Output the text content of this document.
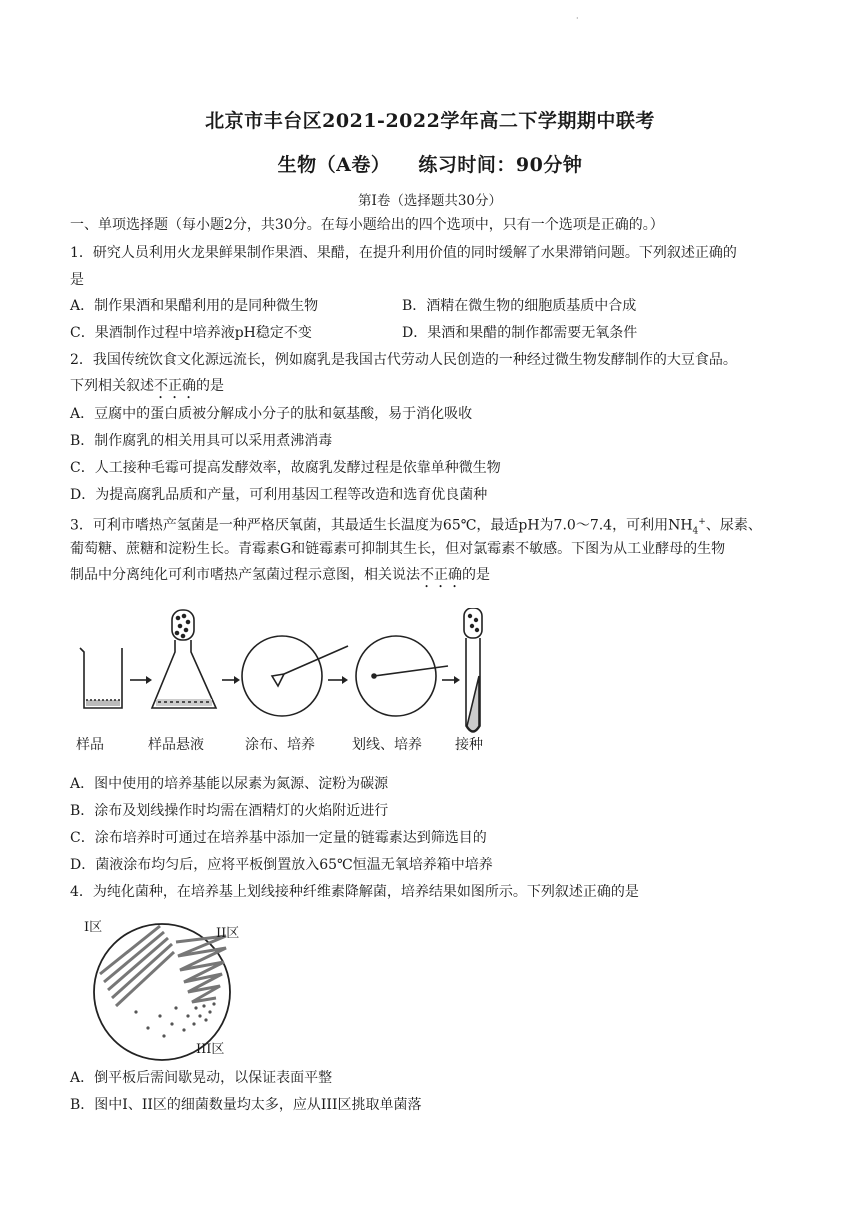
·
北京市丰台区2021-2022学年高二下学期期中联考
生物（A卷） 练习时间：90分钟
第I卷（选择题共30分）
一、单项选择题（每小题2分，共30分。在每小题给出的四个选项中，只有一个选项是正确的。）
1．研究人员利用火龙果鲜果制作果酒、果醋，在提升利用价值的同时缓解了水果滞销问题。下列叙述正确的
是
A．制作果酒和果醋利用的是同种微生物	B．酒精在微生物的细胞质基质中合成
C．果酒制作过程中培养液pH稳定不变	D．果酒和果醋的制作都需要无氧条件
2．我国传统饮食文化源远流长，例如腐乳是我国古代劳动人民创造的一种经过微生物发酵制作的大豆食品。
下列相关叙述不正确的是
A．豆腐中的蛋白质被分解成小分子的肽和氨基酸，易于消化吸收
B．制作腐乳的相关用具可以采用煮沸消毒
C．人工接种毛霉可提高发酵效率，故腐乳发酵过程是依靠单种微生物
D．为提高腐乳品质和产量，可利用基因工程等改造和选育优良菌种
3．可利市嗜热产氢菌是一种严格厌氧菌，其最适生长温度为65℃，最适pH为7.0～7.4，可利用$NH_4^+$、尿素、
葡萄糖、蔗糖和淀粉生长。青霉素G和链霉素可抑制其生长，但对氯霉素不敏感。下图为从工业酵母的生物
制品中分离纯化可利市嗜热产氢菌过程示意图，相关说法不正确的是
样品	样品悬液	涂布、培养	划线、培养 接种
A．图中使用的培养基能以尿素为氮源、淀粉为碳源
B．涂布及划线操作时均需在酒精灯的火焰附近进行
C．涂布培养时可通过在培养基中添加一定量的链霉素达到筛选目的
D．菌液涂布均匀后，应将平板倒置放入65℃恒温无氧培养箱中培养
4．为纯化菌种，在培养基上划线接种纤维素降解菌，培养结果如图所示。下列叙述正确的是
I区	II区
III区
A．倒平板后需间歇晃动，以保证表面平整
B．图中I、II区的细菌数量均太多，应从III区挑取单菌落
